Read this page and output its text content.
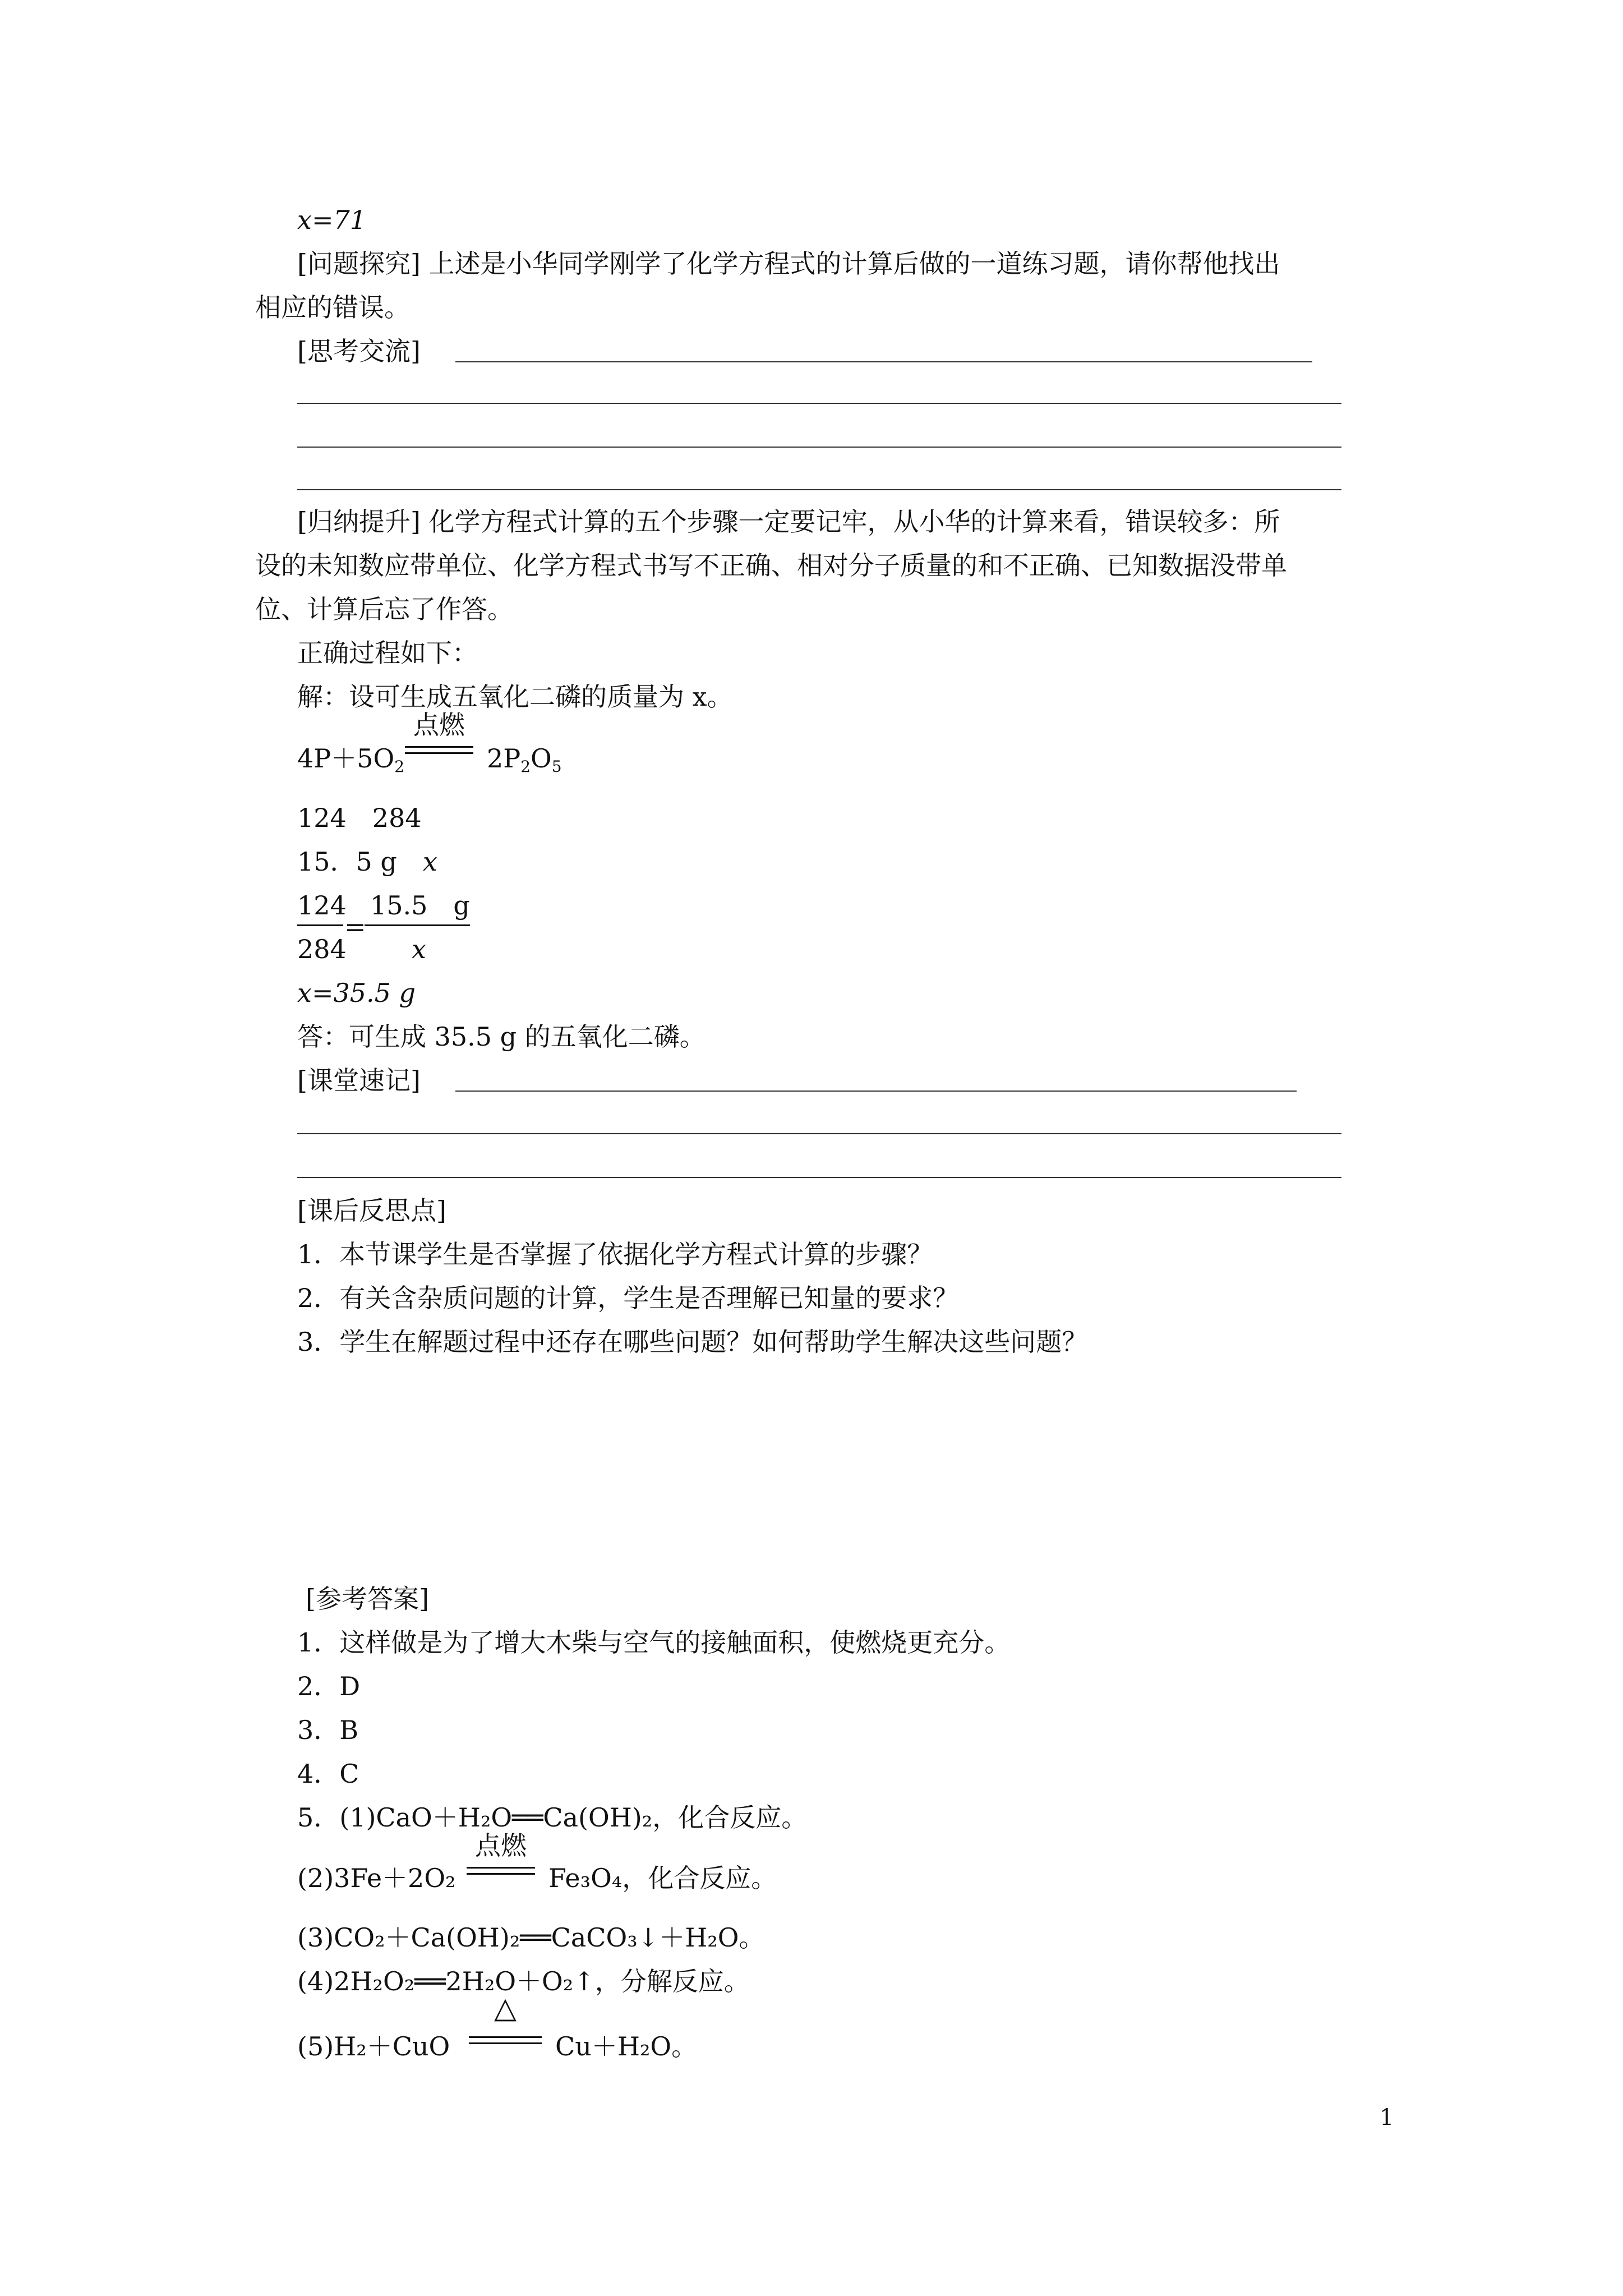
x=71
[问题探究] 上述是小华同学刚学了化学方程式的计算后做的一道练习题，请你帮他找出
相应的错误。
[思考交流]
[归纳提升] 化学方程式计算的五个步骤一定要记牢，从小华的计算来看，错误较多：所
设的未知数应带单位、化学方程式书写不正确、相对分子质量的和不正确、已知数据没带单
位、计算后忘了作答。
正确过程如下：
解：设可生成五氧化二磷的质量为 x。
$4P+5O_2$
点燃
$2P_2O_5$
124　284
15．5 g　x
124
284
=
15.5　g
x
x=35.5 g
答：可生成 35.5 g 的五氧化二磷。
[课堂速记]
[课后反思点]
1．本节课学生是否掌握了依据化学方程式计算的步骤？
2．有关含杂质问题的计算，学生是否理解已知量的要求？
3．学生在解题过程中还存在哪些问题？如何帮助学生解决这些问题？
[参考答案]
1．这样做是为了增大木柴与空气的接触面积，使燃烧更充分。
2．D
3．B
4．C
5．(1)CaO＋H₂O══Ca(OH)₂，化合反应。
(2)3Fe＋2O₂
点燃
Fe₃O₄，化合反应。
(3)CO₂＋Ca(OH)₂══CaCO₃↓＋H₂O。
(4)2H₂O₂══2H₂O＋O₂↑，分解反应。
(5)H₂＋CuO
△
Cu＋H₂O。
1
